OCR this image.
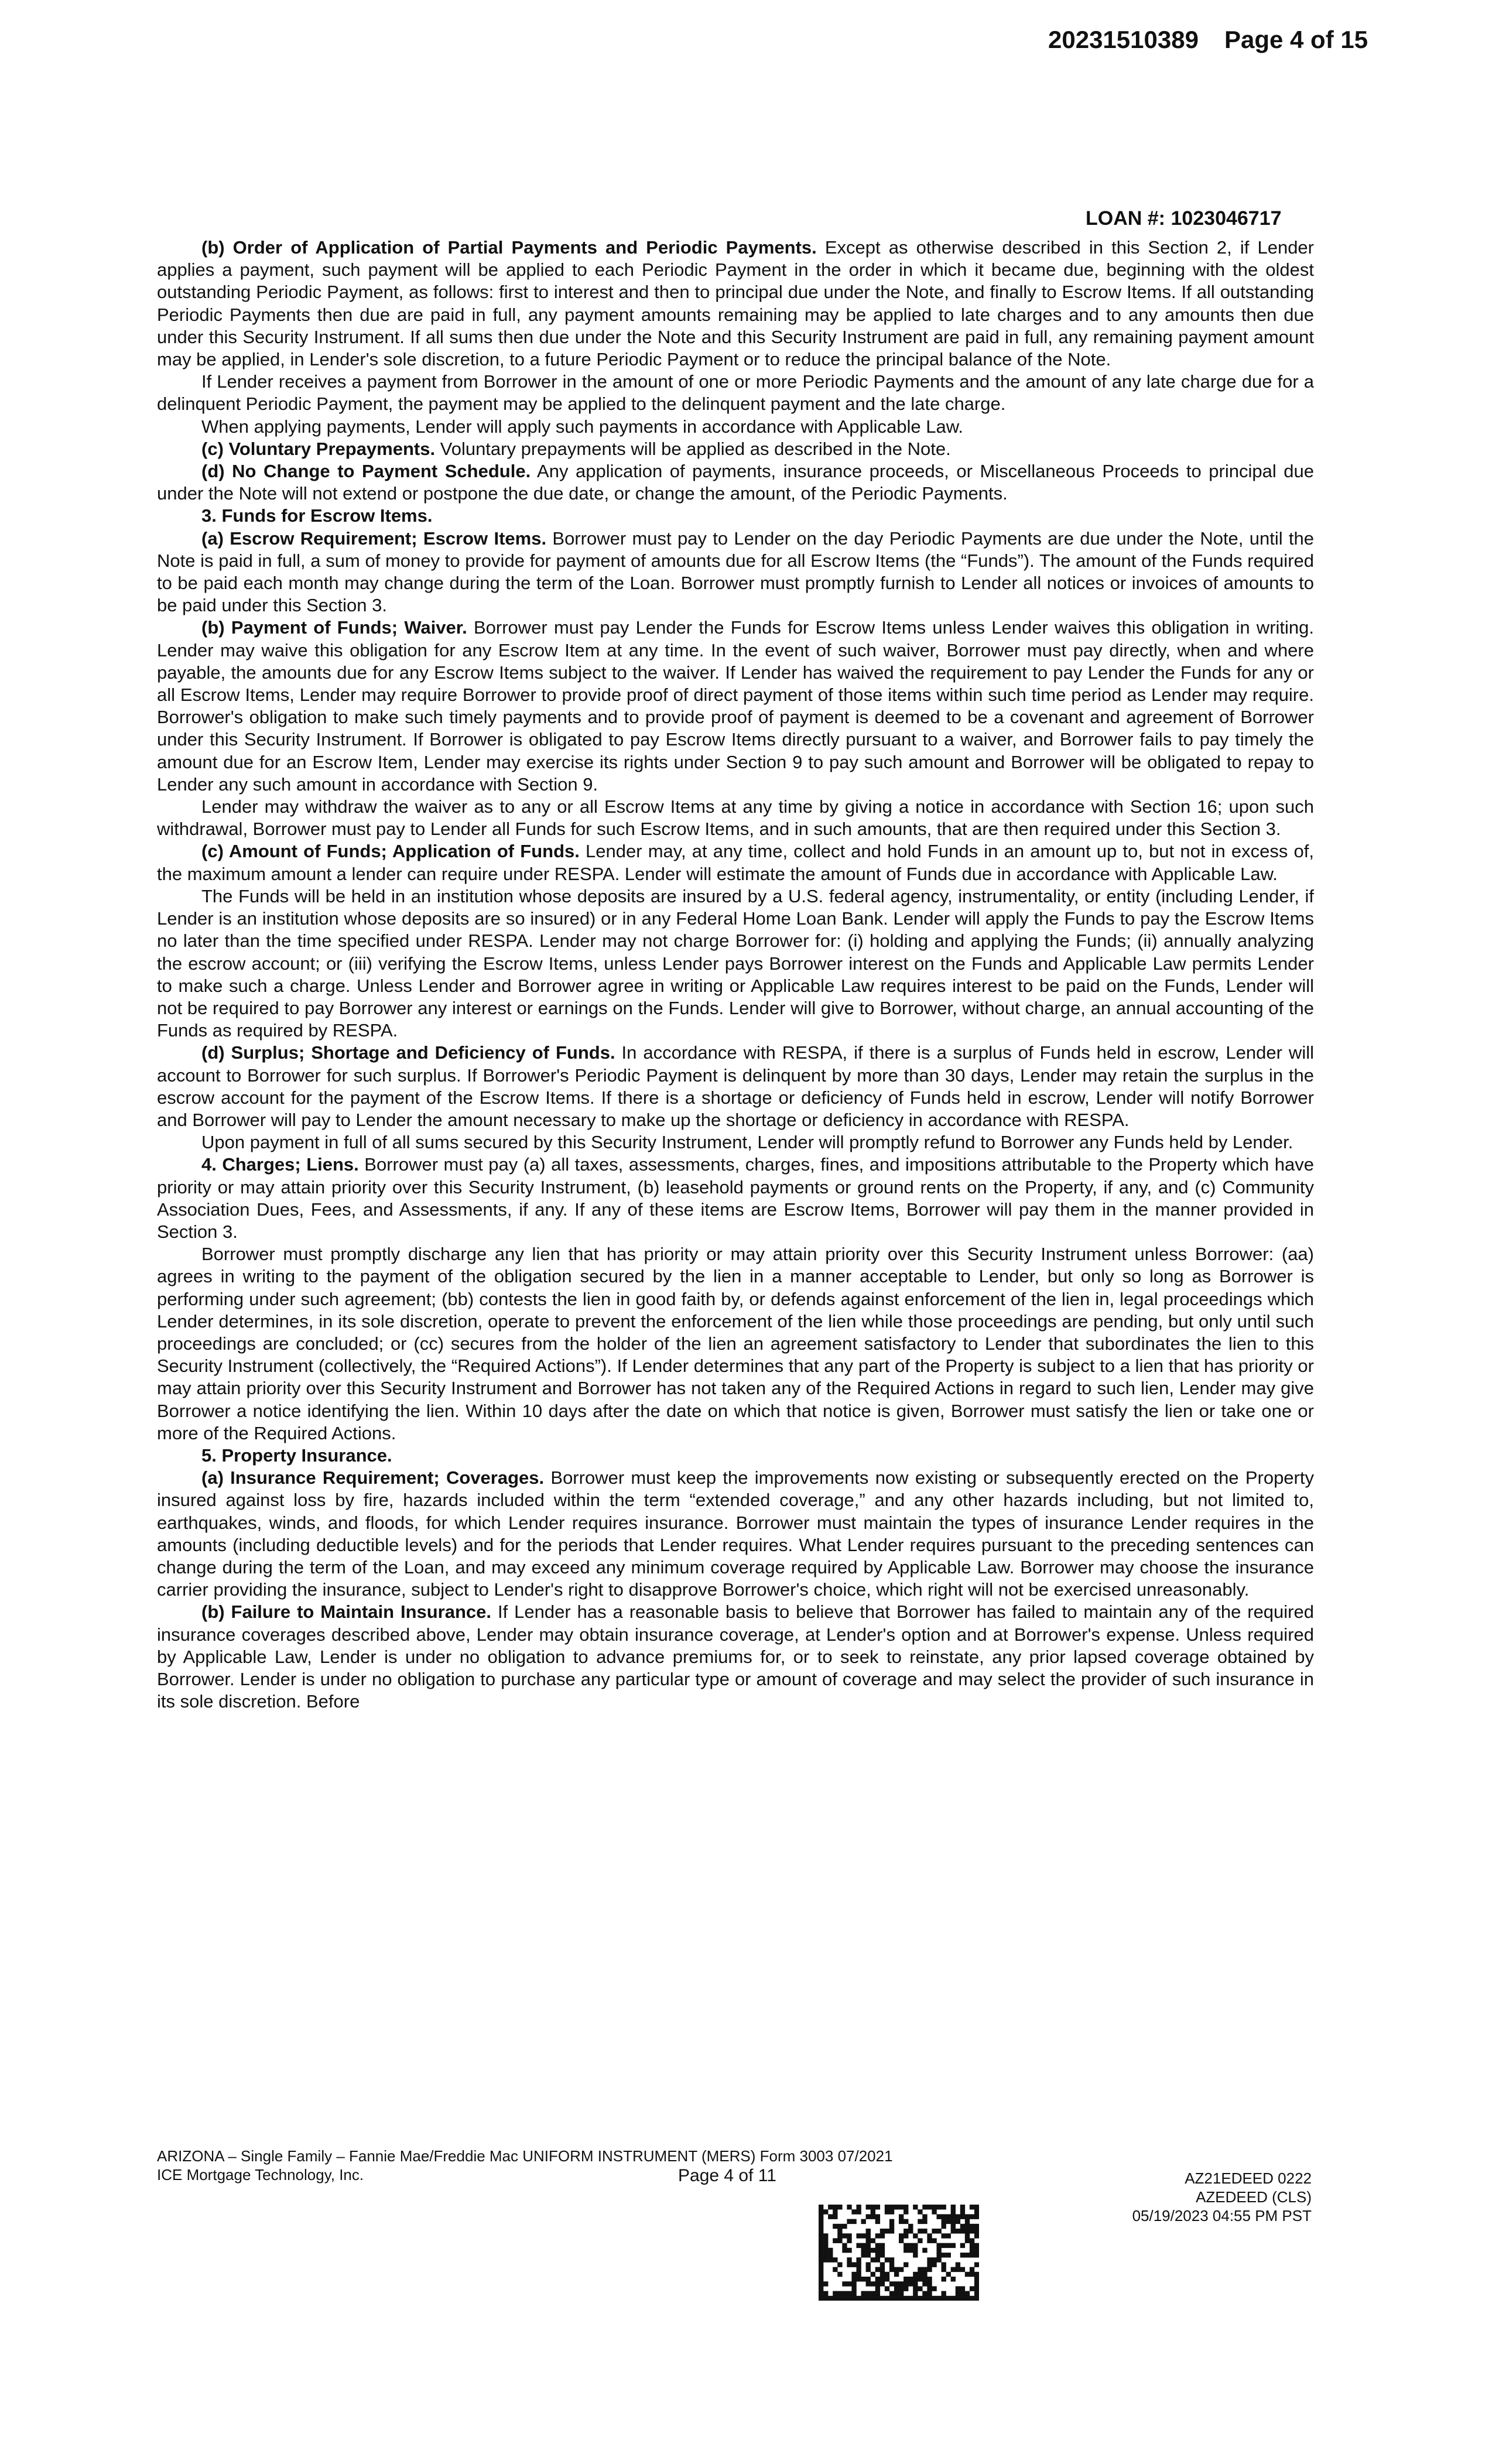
20231510389 Page 4 of 15
LOAN #: 1023046717

(b) Order of Application of Partial Payments and Periodic Payments. Except as otherwise described in this Section 2, if Lender applies a payment, such payment will be applied to each Periodic Payment in the order in which it became due, beginning with the oldest outstanding Periodic Payment, as follows: first to interest and then to principal due under the Note, and finally to Escrow Items. If all outstanding Periodic Payments then due are paid in full, any payment amounts remaining may be applied to late charges and to any amounts then due under this Security Instrument. If all sums then due under the Note and this Security Instrument are paid in full, any remaining payment amount may be applied, in Lender's sole discretion, to a future Periodic Payment or to reduce the principal balance of the Note.

If Lender receives a payment from Borrower in the amount of one or more Periodic Payments and the amount of any late charge due for a delinquent Periodic Payment, the payment may be applied to the delinquent payment and the late charge.

When applying payments, Lender will apply such payments in accordance with Applicable Law.

(c) Voluntary Prepayments. Voluntary prepayments will be applied as described in the Note.

(d) No Change to Payment Schedule. Any application of payments, insurance proceeds, or Miscellaneous Proceeds to principal due under the Note will not extend or postpone the due date, or change the amount, of the Periodic Payments.

3. Funds for Escrow Items.

(a) Escrow Requirement; Escrow Items. Borrower must pay to Lender on the day Periodic Payments are due under the Note, until the Note is paid in full, a sum of money to provide for payment of amounts due for all Escrow Items (the “Funds”). The amount of the Funds required to be paid each month may change during the term of the Loan. Borrower must promptly furnish to Lender all notices or invoices of amounts to be paid under this Section 3.

(b) Payment of Funds; Waiver. Borrower must pay Lender the Funds for Escrow Items unless Lender waives this obligation in writing. Lender may waive this obligation for any Escrow Item at any time. In the event of such waiver, Borrower must pay directly, when and where payable, the amounts due for any Escrow Items subject to the waiver. If Lender has waived the requirement to pay Lender the Funds for any or all Escrow Items, Lender may require Borrower to provide proof of direct payment of those items within such time period as Lender may require. Borrower's obligation to make such timely payments and to provide proof of payment is deemed to be a covenant and agreement of Borrower under this Security Instrument. If Borrower is obligated to pay Escrow Items directly pursuant to a waiver, and Borrower fails to pay timely the amount due for an Escrow Item, Lender may exercise its rights under Section 9 to pay such amount and Borrower will be obligated to repay to Lender any such amount in accordance with Section 9.

Lender may withdraw the waiver as to any or all Escrow Items at any time by giving a notice in accordance with Section 16; upon such withdrawal, Borrower must pay to Lender all Funds for such Escrow Items, and in such amounts, that are then required under this Section 3.

(c) Amount of Funds; Application of Funds. Lender may, at any time, collect and hold Funds in an amount up to, but not in excess of, the maximum amount a lender can require under RESPA. Lender will estimate the amount of Funds due in accordance with Applicable Law.

The Funds will be held in an institution whose deposits are insured by a U.S. federal agency, instrumentality, or entity (including Lender, if Lender is an institution whose deposits are so insured) or in any Federal Home Loan Bank. Lender will apply the Funds to pay the Escrow Items no later than the time specified under RESPA. Lender may not charge Borrower for: (i) holding and applying the Funds; (ii) annually analyzing the escrow account; or (iii) verifying the Escrow Items, unless Lender pays Borrower interest on the Funds and Applicable Law permits Lender to make such a charge. Unless Lender and Borrower agree in writing or Applicable Law requires interest to be paid on the Funds, Lender will not be required to pay Borrower any interest or earnings on the Funds. Lender will give to Borrower, without charge, an annual accounting of the Funds as required by RESPA.

(d) Surplus; Shortage and Deficiency of Funds. In accordance with RESPA, if there is a surplus of Funds held in escrow, Lender will account to Borrower for such surplus. If Borrower's Periodic Payment is delinquent by more than 30 days, Lender may retain the surplus in the escrow account for the payment of the Escrow Items. If there is a shortage or deficiency of Funds held in escrow, Lender will notify Borrower and Borrower will pay to Lender the amount necessary to make up the shortage or deficiency in accordance with RESPA.

Upon payment in full of all sums secured by this Security Instrument, Lender will promptly refund to Borrower any Funds held by Lender.

4. Charges; Liens. Borrower must pay (a) all taxes, assessments, charges, fines, and impositions attributable to the Property which have priority or may attain priority over this Security Instrument, (b) leasehold payments or ground rents on the Property, if any, and (c) Community Association Dues, Fees, and Assessments, if any. If any of these items are Escrow Items, Borrower will pay them in the manner provided in Section 3.

Borrower must promptly discharge any lien that has priority or may attain priority over this Security Instrument unless Borrower: (aa) agrees in writing to the payment of the obligation secured by the lien in a manner acceptable to Lender, but only so long as Borrower is performing under such agreement; (bb) contests the lien in good faith by, or defends against enforcement of the lien in, legal proceedings which Lender determines, in its sole discretion, operate to prevent the enforcement of the lien while those proceedings are pending, but only until such proceedings are concluded; or (cc) secures from the holder of the lien an agreement satisfactory to Lender that subordinates the lien to this Security Instrument (collectively, the “Required Actions”). If Lender determines that any part of the Property is subject to a lien that has priority or may attain priority over this Security Instrument and Borrower has not taken any of the Required Actions in regard to such lien, Lender may give Borrower a notice identifying the lien. Within 10 days after the date on which that notice is given, Borrower must satisfy the lien or take one or more of the Required Actions.

5. Property Insurance.

(a) Insurance Requirement; Coverages. Borrower must keep the improvements now existing or subsequently erected on the Property insured against loss by fire, hazards included within the term “extended coverage,” and any other hazards including, but not limited to, earthquakes, winds, and floods, for which Lender requires insurance. Borrower must maintain the types of insurance Lender requires in the amounts (including deductible levels) and for the periods that Lender requires. What Lender requires pursuant to the preceding sentences can change during the term of the Loan, and may exceed any minimum coverage required by Applicable Law. Borrower may choose the insurance carrier providing the insurance, subject to Lender's right to disapprove Borrower's choice, which right will not be exercised unreasonably.

(b) Failure to Maintain Insurance. If Lender has a reasonable basis to believe that Borrower has failed to maintain any of the required insurance coverages described above, Lender may obtain insurance coverage, at Lender's option and at Borrower's expense. Unless required by Applicable Law, Lender is under no obligation to advance premiums for, or to seek to reinstate, any prior lapsed coverage obtained by Borrower. Lender is under no obligation to purchase any particular type or amount of coverage and may select the provider of such insurance in its sole discretion. Before

ARIZONA – Single Family – Fannie Mae/Freddie Mac UNIFORM INSTRUMENT (MERS) Form 3003 07/2021
ICE Mortgage Technology, Inc.	Page 4 of 11	AZ21EDEED 0222
AZEDEED (CLS)
05/19/2023 04:55 PM PST
